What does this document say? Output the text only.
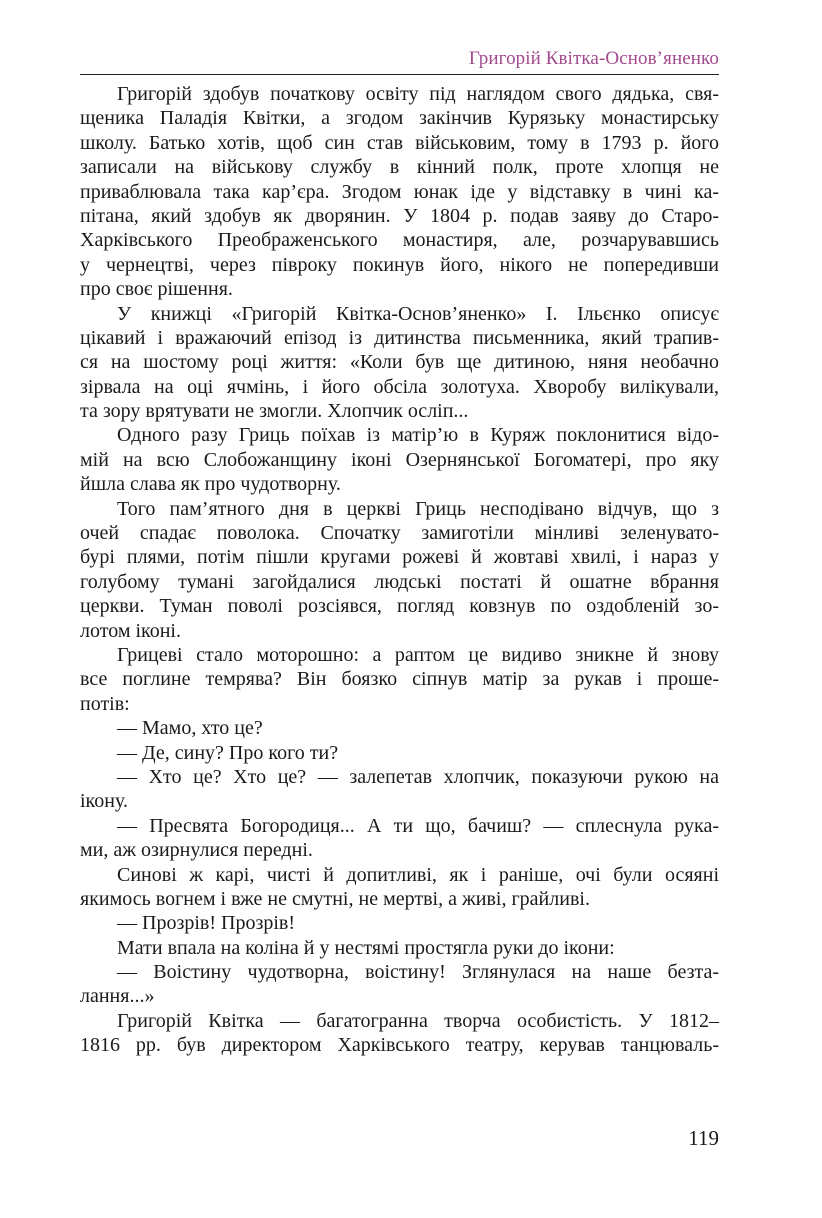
Григорій Квітка-Основ’яненко
Григорій здобув початкову освіту під наглядом свого дядька, свя-
щеника Паладія Квітки, а згодом закінчив Курязьку монастирську
школу. Батько хотів, щоб син став військовим, тому в 1793 р. його
записали на військову службу в кінний полк, проте хлопця не
приваблювала така кар’єра. Згодом юнак іде у відставку в чині ка-
пітана, який здобув як дворянин. У 1804 р. подав заяву до Старо-
Харківського Преображенського монастиря, але, розчарувавшись
у чернецтві, через півроку покинув його, нікого не попередивши
про своє рішення.
У книжці «Григорій Квітка-Основ’яненко» І. Ільєнко описує
цікавий і вражаючий епізод із дитинства письменника, який трапив-
ся на шостому році життя: «Коли був ще дитиною, няня необачно
зірвала на оці ячмінь, і його обсіла золотуха. Хворобу вилікували,
та зору врятувати не змогли. Хлопчик осліп...
Одного разу Гриць поїхав із матір’ю в Куряж поклонитися відо-
мій на всю Слобожанщину іконі Озернянської Богоматері, про яку
йшла слава як про чудотворну.
Того пам’ятного дня в церкві Гриць несподівано відчув, що з
очей спадає поволока. Спочатку замиготіли мінливі зеленувато-
бурі плями, потім пішли кругами рожеві й жовтаві хвилі, і нараз у
голубому тумані загойдалися людські постаті й ошатне вбрання
церкви. Туман поволі розсіявся, погляд ковзнув по оздобленій зо-
лотом іконі.
Грицеві стало моторошно: а раптом це видиво зникне й знову
все поглине темрява? Він боязко сіпнув матір за рукав і проше-
потів:
— Мамо, хто це?
— Де, сину? Про кого ти?
— Хто це? Хто це? — залепетав хлопчик, показуючи рукою на
ікону.
— Пресвята Богородиця... А ти що, бачиш? — сплеснула рука-
ми, аж озирнулися передні.
Синові ж карі, чисті й допитливі, як і раніше, очі були осяяні
якимось вогнем і вже не смутні, не мертві, а живі, грайливі.
— Прозрів! Прозрів!
Мати впала на коліна й у нестямі простягла руки до ікони:
— Воістину чудотворна, воістину! Зглянулася на наше безта-
лання...»
Григорій Квітка — багатогранна творча особистість. У 1812–
1816 рр. був директором Харківського театру, керував танцюваль-
119
